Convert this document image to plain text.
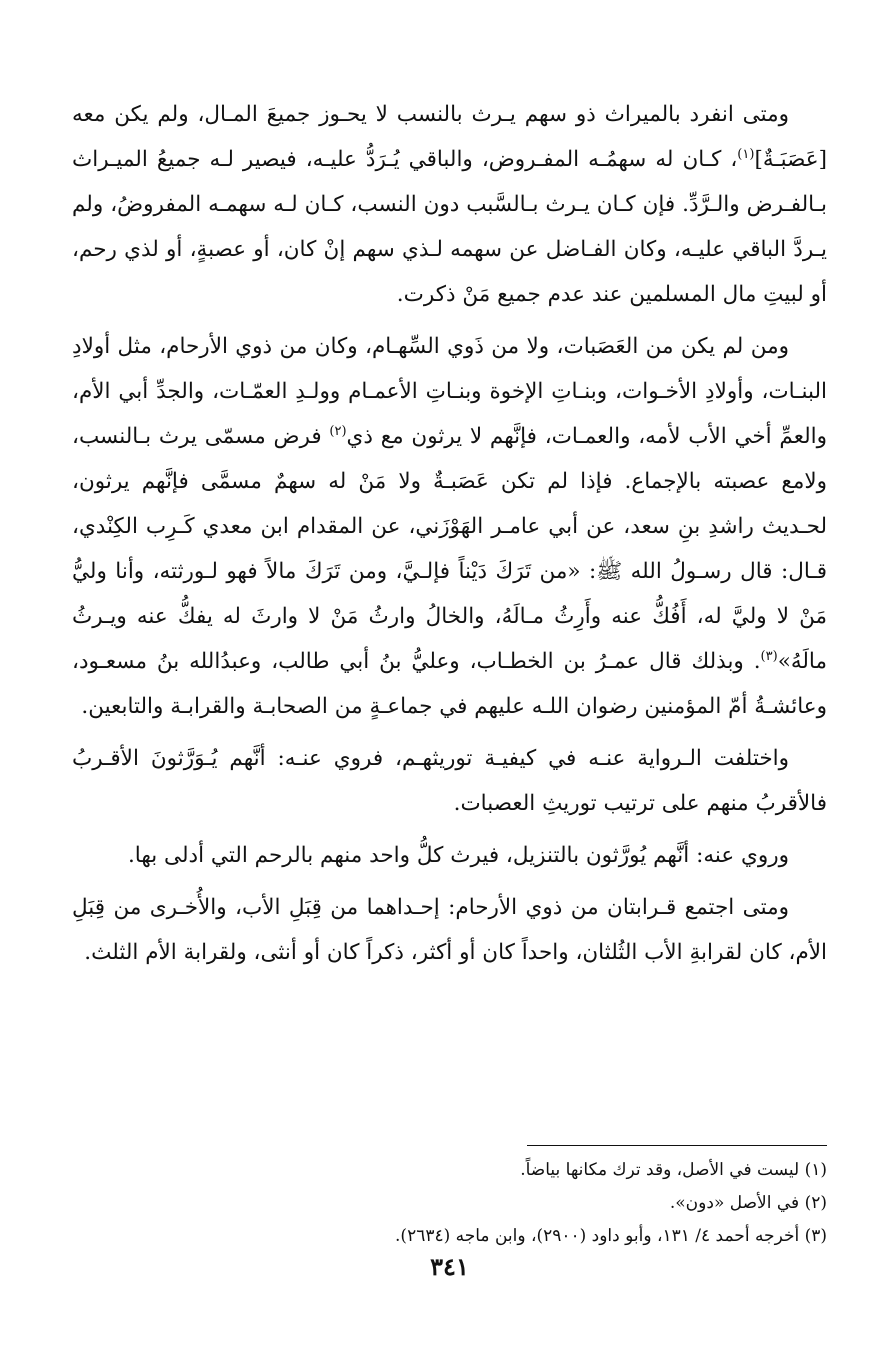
ومتى انفرد بالميراث ذو سهم يـرث بالنسب لا يحـوز جميعَ المـال، ولم يكن معه [عَصَبَـةٌ]$^{(١)}$، كـان له سهمُـه المفـروض، والباقي يُـرَدُّ عليـه، فيصير لـه جميعُ الميـراث بـالفـرض والـرَّدِّ. فإن كـان يـرث بـالسَّبب دون النسب، كـان لـه سهمـه المفروضُ، ولم يـردَّ الباقي عليـه، وكان الفـاضل عن سهمه لـذي سهم إنْ كان، أو عصبةٍ، أو لذي رحم، أو لبيتِ مال المسلمين عند عدم جميع مَنْ ذكرت.

ومن لم يكن من العَصَبات، ولا من ذَوي السِّهـام، وكان من ذوي الأرحام، مثل أولادِ البنـات، وأولادِ الأخـوات، وبنـاتِ الإخوة وبنـاتِ الأعمـام وولـدِ العمّـات، والجدِّ أبي الأم، والعمِّ أخي الأب لأمه، والعمـات، فإنَّهم لا يرثون مع ذي$^{(٢)}$ فرض مسمّى يرث بـالنسب، ولامع عصبته بالإجماع. فإذا لم تكن عَصَبـةٌ ولا مَنْ له سهمٌ مسمَّى فإنَّهم يرثون، لحـديث راشدِ بنِ سعد، عن أبي عامـر الهَوْزَني، عن المقدام ابن معدي كَـرِب الكِنْدي، قـال: قال رسـولُ الله ﷺ: «من تَرَكَ دَيْناً فإلـيَّ، ومن تَرَكَ مالاً فهو لـورثته، وأنا وليُّ مَنْ لا وليَّ له، أَفُكُّ عنه وأَرِثُ مـالَهُ، والخالُ وارثُ مَنْ لا وارثَ له يفكُّ عنه ويـرثُ مالَهُ»$^{(٣)}$. وبذلك قال عمـرُ بن الخطـاب، وعليُّ بنُ أبي طالب، وعبدُالله بنُ مسعـود، وعائشـةُ أمّ المؤمنين رضوان اللـه عليهم في جماعـةٍ من الصحابـة والقرابـة والتابعين.

واختلفت الـرواية عنـه في كيفيـة توريثهـم، فروي عنـه: أنَّهم يُـوَرَّثونَ الأقـربُ فالأقربُ منهم على ترتيب توريثِ العصبات.

وروي عنه: أنَّهم يُورَّثون بالتنزيل، فيرث كلُّ واحد منهم بالرحم التي أدلى بها.

ومتى اجتمع قـرابتان من ذوي الأرحام: إحـداهما من قِبَلِ الأب، والأُخـرى من قِبَلِ الأم، كان لقرابةِ الأب الثُلثان، واحداً كان أو أكثر، ذكراً كان أو أنثى، ولقرابة الأم الثلث.

(١) ليست في الأصل، وقد ترك مكانها بياضاً.

(٢) في الأصل «دون».

(٣) أخرجه أحمد ٤/ ١٣١، وأبو داود (٢٩٠٠)، وابن ماجه (٢٦٣٤).

٣٤١
